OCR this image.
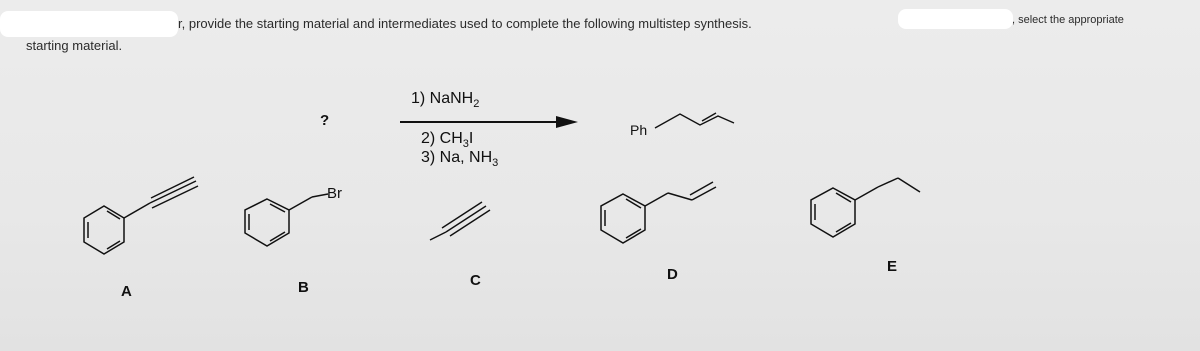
r, provide the starting material and intermediates used to complete the following multistep synthesis.	, select the appropriate
starting material.
?
1) NaNH$_2$
2) $CH_3I$
3) Na, $NH_3$
Ph
Br
A	B	C	D	E
